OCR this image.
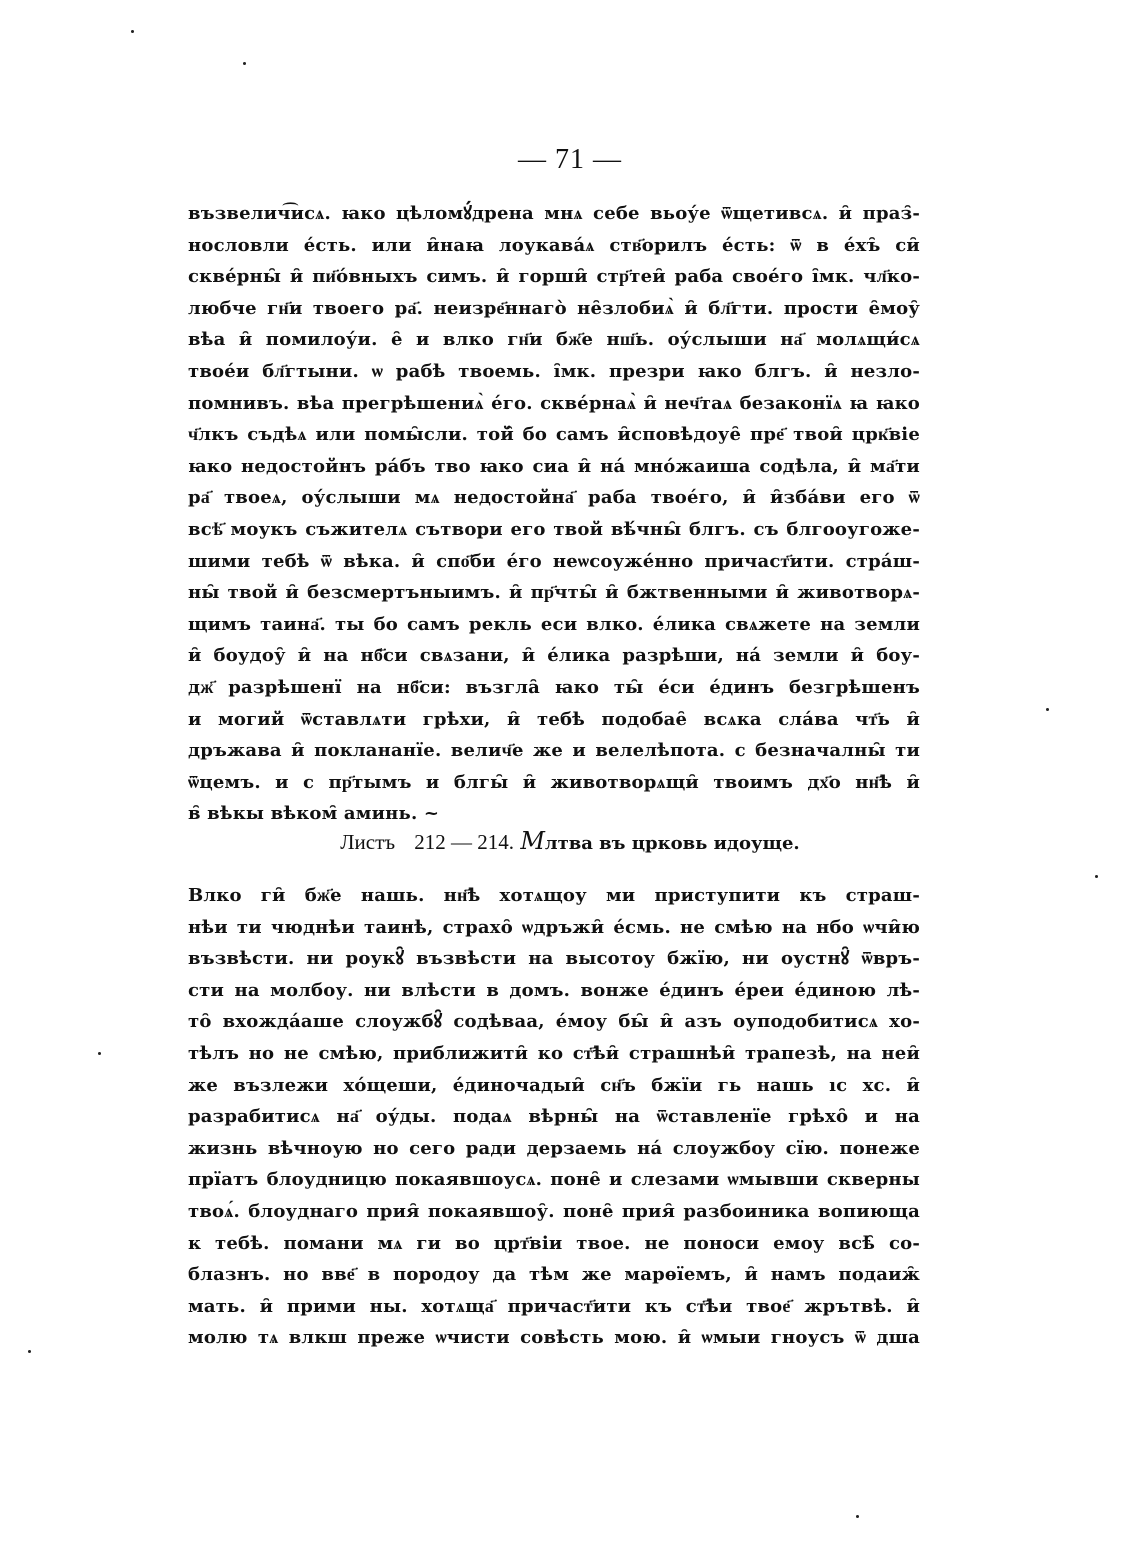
— 71 —
възвелич͡исѧ. ꙗко цѣломꙋ́дрена мнѧ себе вьоу́е ѿщетивсѧ. и̑ праз̑-
нословли е́сть. или и̑наꙗ лоукава́ѧ ств҃орилъ е́сть: ѿ в е́хъ̑ си̑
скве́рны̑ и̑ пи҃о́вныхъ симъ. и̑ горши̑ стр҃теи̑ раба свое́го ı̑мк. чл҃ко-
любче гн҃и твоего ра҃. неизре҃ннаго̀ не̑злобиѧ̀ и̑ бл҃гти. прости е̑моу̑
вѣа и̑ помилоу́и. е̑ и влко гн҃и бж҃е нш҃ь. оу́слыши на҃ молѧщи́сѧ
твое́и бл҃гтыни. ѡ рабѣ твоемь. ı̑мк. презри ꙗко блгъ. и̑ незло-
помнивъ. вѣа прегрѣшениѧ̀ е́го. скве́рнаѧ̀ и̑ неч҃таѧ безаконїѧ ꙗ ꙗко
ч҃лкъ съдѣѧ или помы̑сли. той̑ бо самъ и̑сповѣдоуе̑ пре҃ твои̑ црк҃віе
ꙗко недостойнъ ра́бъ тво ꙗко сиа и̑ на́ мно́жаиша содѣла, и̑ ма҃ти
ра҃ твоеѧ, оу́слыши мѧ недостойна҃ раба твое́го, и̑ и̑зба́ви его ѿ
всѣ҃ моукъ съжителѧ сътвори его твой вѣ́чны̑ блгъ. съ блгооугоже-
шими тебѣ ѿ вѣка. и̑ спо҃би е́го неѡсоуже́нно причаст҃ити. стра́ш-
ны̑ твой и̑ безсмертъныимъ. и̑ пр҃чты̑ и̑ бжтвенными и̑ животворѧ-
щимъ таина҃. ты бо самъ рекль еси влко. е́лика свѧжете на земли
и̑ боудоу̑ и̑ на нб҃си свѧзани, и̑ е́лика разрѣши, на́ земли и̑ боу-
дж҃ разрѣшенї на нб҃си: възгла̑ ꙗко ты̑ е́си е́динъ безгрѣшенъ
и могий ѿставлѧти грѣхи, и̑ тебѣ подобае̑ всѧка сла́ва чт҃ь и̑
дръжава и̑ поклананїе. велич҃е же и велелѣпота. с безначалны̑ ти
ѿцемъ. и с пр҃тымъ и блгы̑ и̑ животворѧщи̑ твоимъ дх҃о нн҃ѣ и̑
в̑ вѣкы вѣком̑ аминь. ~
Листъ 212 — 214. Млтва въ црковь идоуще.
Влко ги̑ бж҃е нашь. нн҃ѣ хотѧщоу ми приступити къ страш-
нѣи ти чюднѣи таинѣ, страхо̑ ѡдръжи̑ е́смь. не смѣю на нбо ѡчи̑ю
възвѣсти. ни роукꙋ̑ възвѣсти на высотоу бжїю, ни оустнꙋ̑ ѿвръ-
сти на молбоу. ни влѣсти в домъ. вонже е́динъ е́реи е́диною лѣ-
то̑ вхожда́аше слоужбꙋ̑ содѣваа, е́моу бы̑ и̑ азъ оуподобитисѧ хо-
тѣлъ но не смѣю, приближити̑ ко ст҃ѣи̑ страшнѣи̑ трапезѣ, на неи̑
же възлежи хо́щеши, е́диночадыи̑ сн҃ъ бжїи гь нашь ıс хс. и̑
разрабитисѧ на҃ оу́ды. подаѧ вѣрны̑ на ѿставленїе грѣхо̑ и на
жизнь вѣчноую но сего ради дерзаемь на́ слоужбоу сїю. понеже
прїатъ блоудницю покаявшоусѧ. поне̑ и слезами ѡмывши скверны
твоѧ́. блоуднаго прия̑ покаявшоу̑. поне̑ прия̑ разбоиника вопиюща
к тебѣ. помани мѧ ги во црт҃віи твое. не поноси емоу всѣ̑ со-
блазнъ. но вве҃ в породоу да тѣм же марѳїемъ, и̑ намъ подаиж̑
мать. и̑ прими ны. хотѧща҃ причаст҃ити къ ст҃ѣи твое҃ жрътвѣ. и̑
молю тѧ влкш преже ѡчисти совѣсть мою. и̑ ѡмыи гноусъ ѿ дша
